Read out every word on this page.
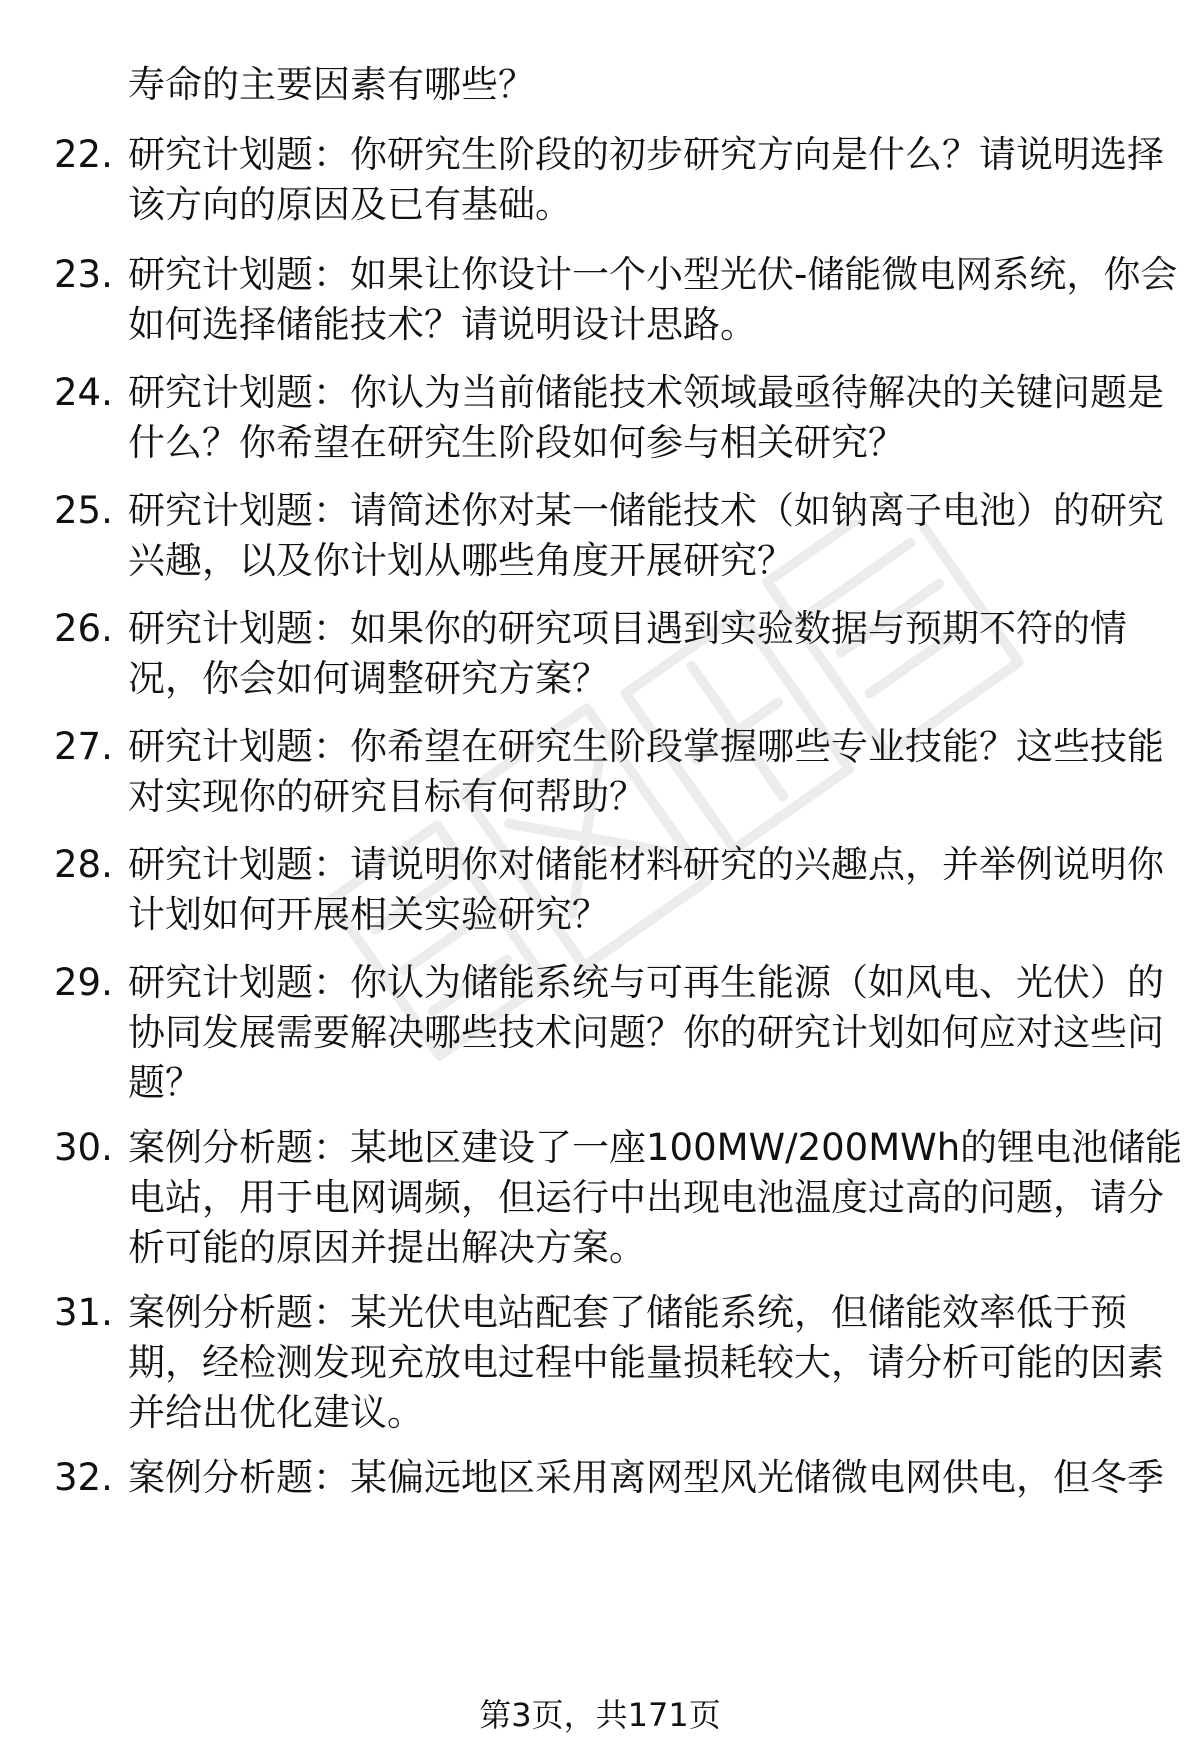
寿命的主要因素有哪些？
22. 研究计划题：你研究生阶段的初步研究方向是什么？请说明选择
该方向的原因及已有基础。
23. 研究计划题：如果让你设计一个小型光伏-储能微电网系统，你会
如何选择储能技术？请说明设计思路。
24. 研究计划题：你认为当前储能技术领域最亟待解决的关键问题是
什么？你希望在研究生阶段如何参与相关研究？
25. 研究计划题：请简述你对某一储能技术（如钠离子电池）的研究
兴趣，以及你计划从哪些角度开展研究？
26. 研究计划题：如果你的研究项目遇到实验数据与预期不符的情
况，你会如何调整研究方案？
27. 研究计划题：你希望在研究生阶段掌握哪些专业技能？这些技能
对实现你的研究目标有何帮助？
28. 研究计划题：请说明你对储能材料研究的兴趣点，并举例说明你
计划如何开展相关实验研究？
29. 研究计划题：你认为储能系统与可再生能源（如风电、光伏）的
协同发展需要解决哪些技术问题？你的研究计划如何应对这些问
题？
30. 案例分析题：某地区建设了一座100MW/200MWh的锂电池储能
电站，用于电网调频，但运行中出现电池温度过高的问题，请分
析可能的原因并提出解决方案。
31. 案例分析题：某光伏电站配套了储能系统，但储能效率低于预
期，经检测发现充放电过程中能量损耗较大，请分析可能的因素
并给出优化建议。
32. 案例分析题：某偏远地区采用离网型风光储微电网供电，但冬季
第3页，共171页
